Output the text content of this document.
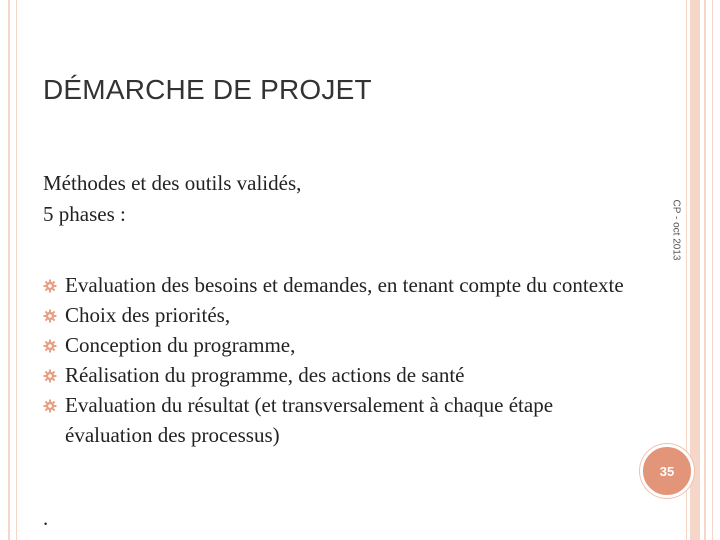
DÉMARCHE DE PROJET
Méthodes et des outils validés,
5 phases :	CP - oct 2013
Evaluation des besoins et demandes, en tenant compte du contexte
Choix des priorités,
Conception du programme,
Réalisation du programme, des actions de santé
Evaluation du résultat (et transversalement à chaque étape évaluation des processus)
.
35
